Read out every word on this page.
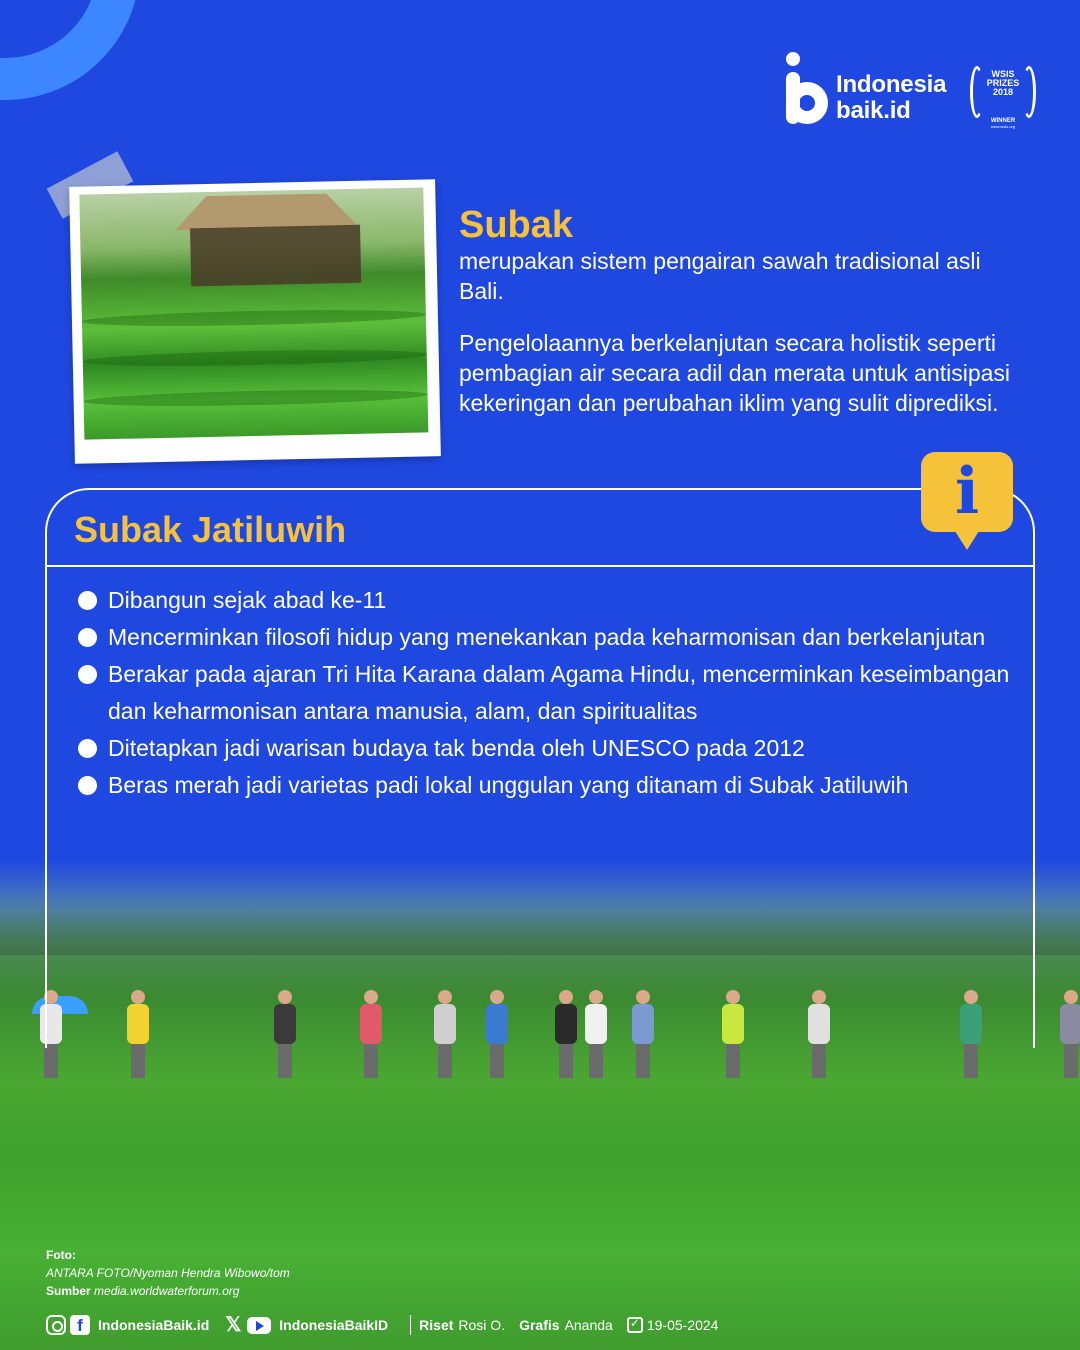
Indonesia
baik.id
WSIS PRIZES 2018
WINNER
www.wsis.org
Subak

merupakan sistem pengairan sawah tradisional asli Bali.

Pengelolaannya berkelanjutan secara holistik seperti pembagian air secara adil dan merata untuk antisipasi kekeringan dan perubahan iklim yang sulit diprediksi.

Subak Jatiluwih
i
Dibangun sejak abad ke-11
Mencerminkan filosofi hidup yang menekankan pada keharmonisan dan berkelanjutan
Berakar pada ajaran Tri Hita Karana dalam Agama Hindu, mencerminkan keseimbangan dan keharmonisan antara manusia, alam, dan spiritualitas
Ditetapkan jadi warisan budaya tak benda oleh UNESCO pada 2012
Beras merah jadi varietas padi lokal unggulan yang ditanam di Subak Jatiluwih
Foto:
ANTARA FOTO/Nyoman Hendra Wibowo/tom
Sumber media.worldwaterforum.org
f	IndonesiaBaik.id 𝕏	IndonesiaBaikID Riset Rosi O. Grafis Ananda
✓ 19-05-2024
